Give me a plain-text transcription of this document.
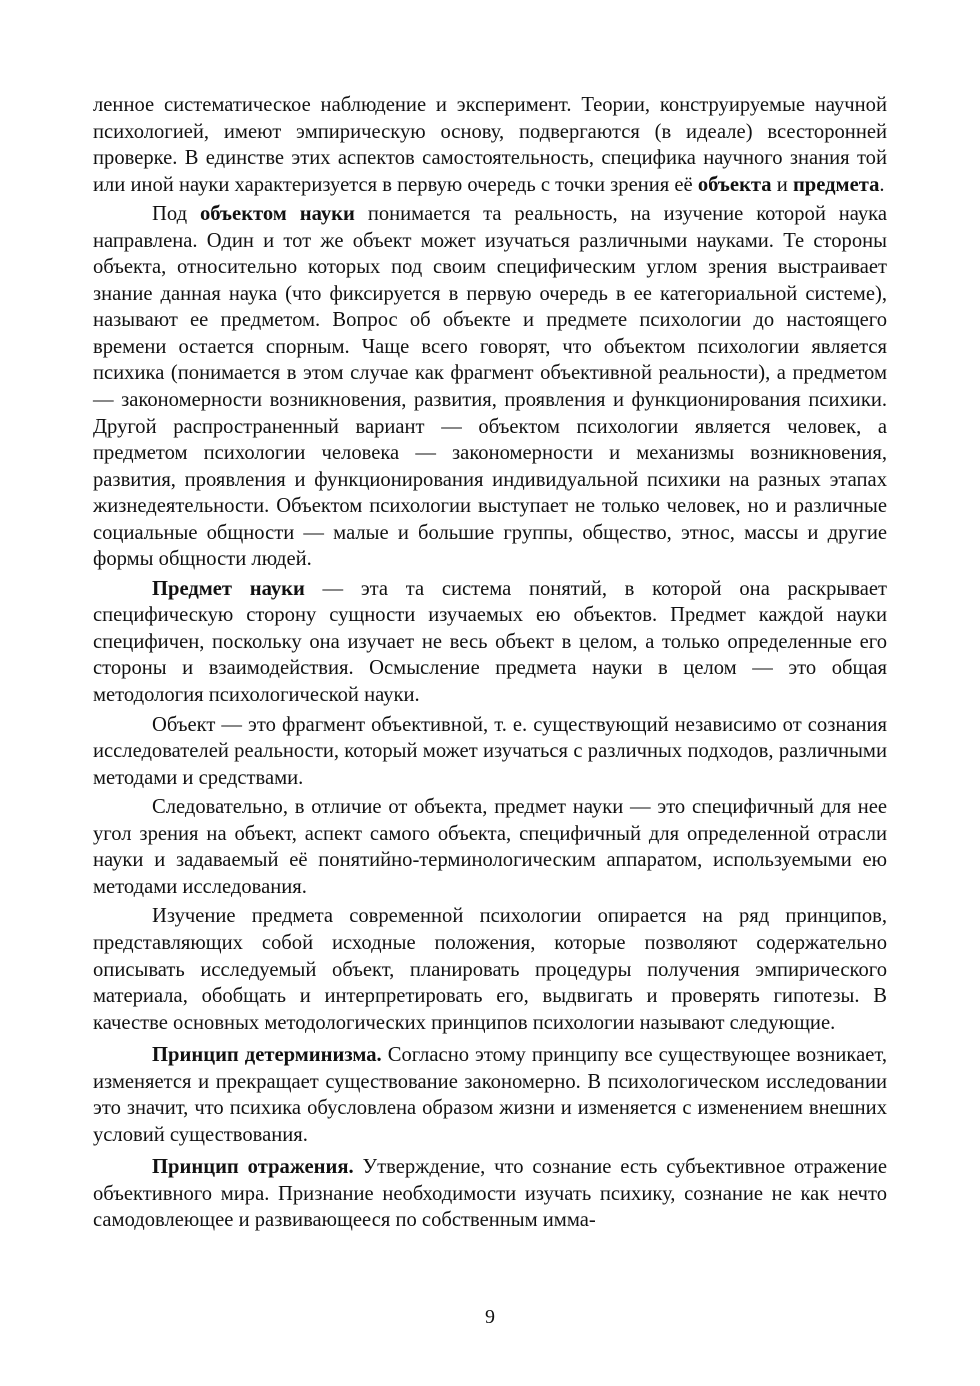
ленное систематическое наблюдение и эксперимент. Теории, конструируемые научной психологией, имеют эмпирическую основу, подвергаются (в идеале) всесторонней проверке. В единстве этих аспектов самостоятельность, специфика научного знания той или иной науки характеризуется в первую очередь с точки зрения её объекта и предмета.

Под объектом науки понимается та реальность, на изучение которой наука направлена. Один и тот же объект может изучаться различными науками. Те стороны объекта, относительно которых под своим специфическим углом зрения выстраивает знание данная наука (что фиксируется в первую очередь в ее категориальной системе), называют ее предметом. Вопрос об объекте и предмете психологии до настоящего времени остается спорным. Чаще всего говорят, что объектом психологии является психика (понимается в этом случае как фрагмент объективной реальности), а предметом — закономерности возникновения, развития, проявления и функционирования психики. Другой распространенный вариант — объектом психологии является человек, а предметом психологии человека — закономерности и механизмы возникновения, развития, проявления и функционирования индивидуальной психики на разных этапах жизнедеятельности. Объектом психологии выступает не только человек, но и различные социальные общности — малые и большие группы, общество, этнос, массы и другие формы общности людей.

Предмет науки — эта та система понятий, в которой она раскрывает специфическую сторону сущности изучаемых ею объектов. Предмет каждой науки специфичен, поскольку она изучает не весь объект в целом, а только определенные его стороны и взаимодействия. Осмысление предмета науки в целом — это общая методология психологической науки.

Объект — это фрагмент объективной, т. е. существующий независимо от сознания исследователей реальности, который может изучаться с различных подходов, различными методами и средствами.

Следовательно, в отличие от объекта, предмет науки — это специфичный для нее угол зрения на объект, аспект самого объекта, специфичный для определенной отрасли науки и задаваемый её понятийно-терминологическим аппаратом, используемыми ею методами исследования.

Изучение предмета современной психологии опирается на ряд принципов, представляющих собой исходные положения, которые позволяют содержательно описывать исследуемый объект, планировать процедуры получения эмпирического материала, обобщать и интерпретировать его, выдвигать и проверять гипотезы. В качестве основных методологических принципов психологии называют следующие.

Принцип детерминизма. Согласно этому принципу все существующее возникает, изменяется и прекращает существование закономерно. В психологическом исследовании это значит, что психика обусловлена образом жизни и изменяется с изменением внешних условий существования.

Принцип отражения. Утверждение, что сознание есть субъективное отражение объективного мира. Признание необходимости изучать психику, сознание не как нечто самодовлеющее и развивающееся по собственным имма-

9
